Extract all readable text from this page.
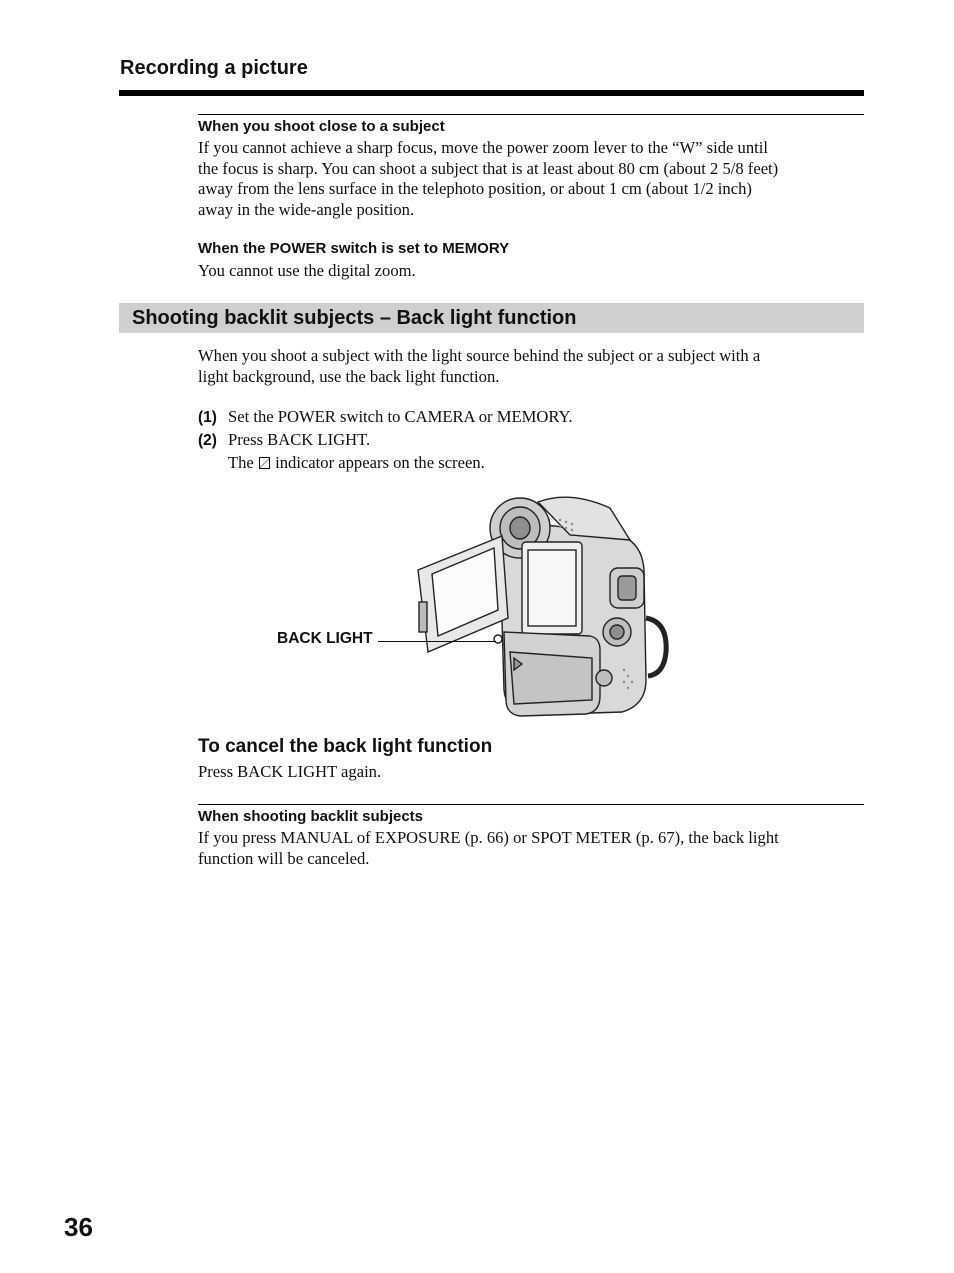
Recording a picture
When you shoot close to a subject
If you cannot achieve a sharp focus, move the power zoom lever to the “W” side until
the focus is sharp. You can shoot a subject that is at least about 80 cm (about 2 5/8 feet)
away from the lens surface in the telephoto position, or about 1 cm (about 1/2 inch)
away in the wide-angle position.
When the POWER switch is set to MEMORY
You cannot use the digital zoom.
Shooting backlit subjects – Back light function
When you shoot a subject with the light source behind the subject or a subject with a
light background, use the back light function.
(1) Set the POWER switch to CAMERA or MEMORY.
(2) Press BACK LIGHT.
The indicator appears on the screen.
BACK LIGHT
To cancel the back light function
Press BACK LIGHT again.
When shooting backlit subjects
If you press MANUAL of EXPOSURE (p. 66) or SPOT METER (p. 67), the back light
function will be canceled.
36
